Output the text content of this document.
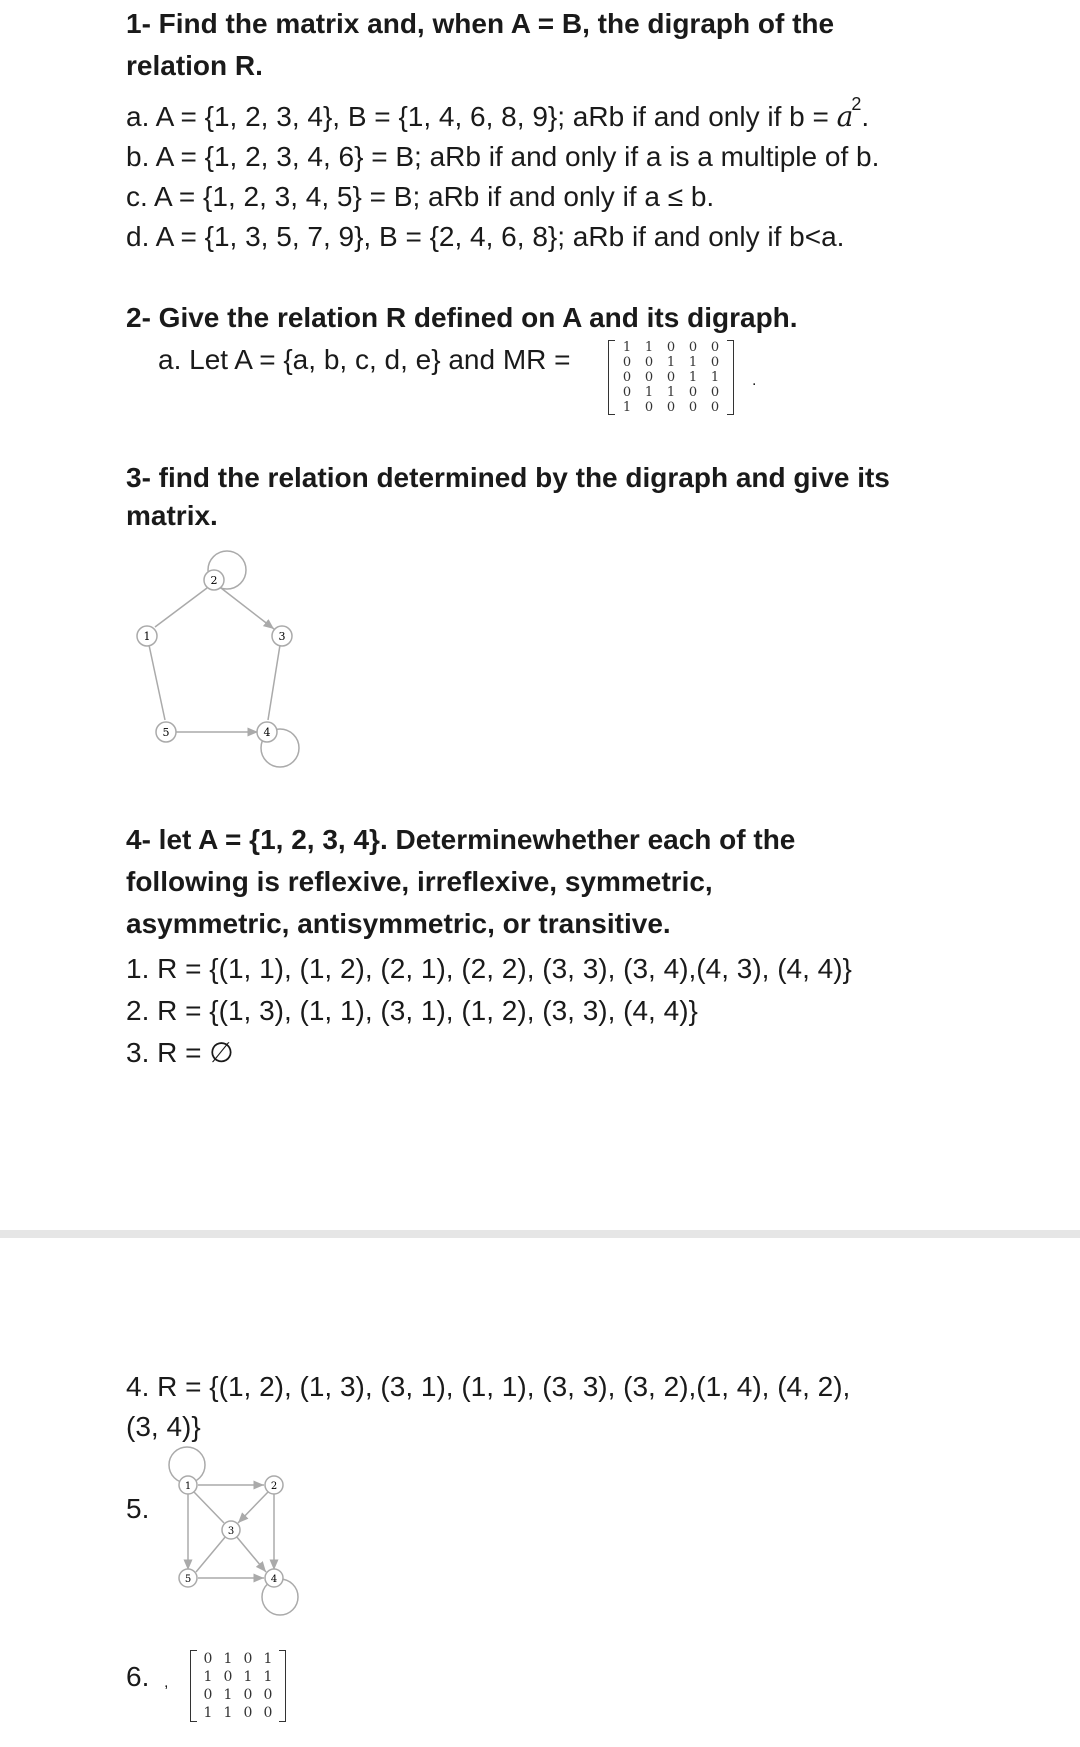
1- Find the matrix and, when A = B, the digraph of the
relation R.
a. A = {1, 2, 3, 4}, B = {1, 4, 6, 8, 9}; aRb if and only if $b = a^2$.
b. A = {1, 2, 3, 4, 6} = B; aRb if and only if a is a multiple of b.
c. A = {1, 2, 3, 4, 5} = B; aRb if and only if a ≤ b.
d. A = {1, 3, 5, 7, 9}, B = {2, 4, 6, 8}; aRb if and only if b<a.
2- Give the relation R defined on A and its digraph.
a. Let A = {a, b, c, d, e} and MR =	1	1	0	0	0
0	0	1	1	0
0	0	0	1	1
0	1	1	0	0
1	0	0	0	0
.
3- find the relation determined by the digraph and give its
matrix.
1
2
3
4
5
4- let A = {1, 2, 3, 4}. Determinewhether each of the
following is reflexive, irreflexive, symmetric,
asymmetric, antisymmetric, or transitive.
1. R = {(1, 1), (1, 2), (2, 1), (2, 2), (3, 3), (3, 4),(4, 3), (4, 4)}
2. R = {(1, 3), (1, 1), (3, 1), (1, 2), (3, 3), (4, 4)}
3. R = ∅
4. R = {(1, 2), (1, 3), (3, 1), (1, 1), (3, 3), (3, 2),(1, 4), (4, 2),
(3, 4)}
5.
1	2
3
4
5
6. ,
0 1 0 1
1 0 1 1
0 1 0 0
1 1 0 0
